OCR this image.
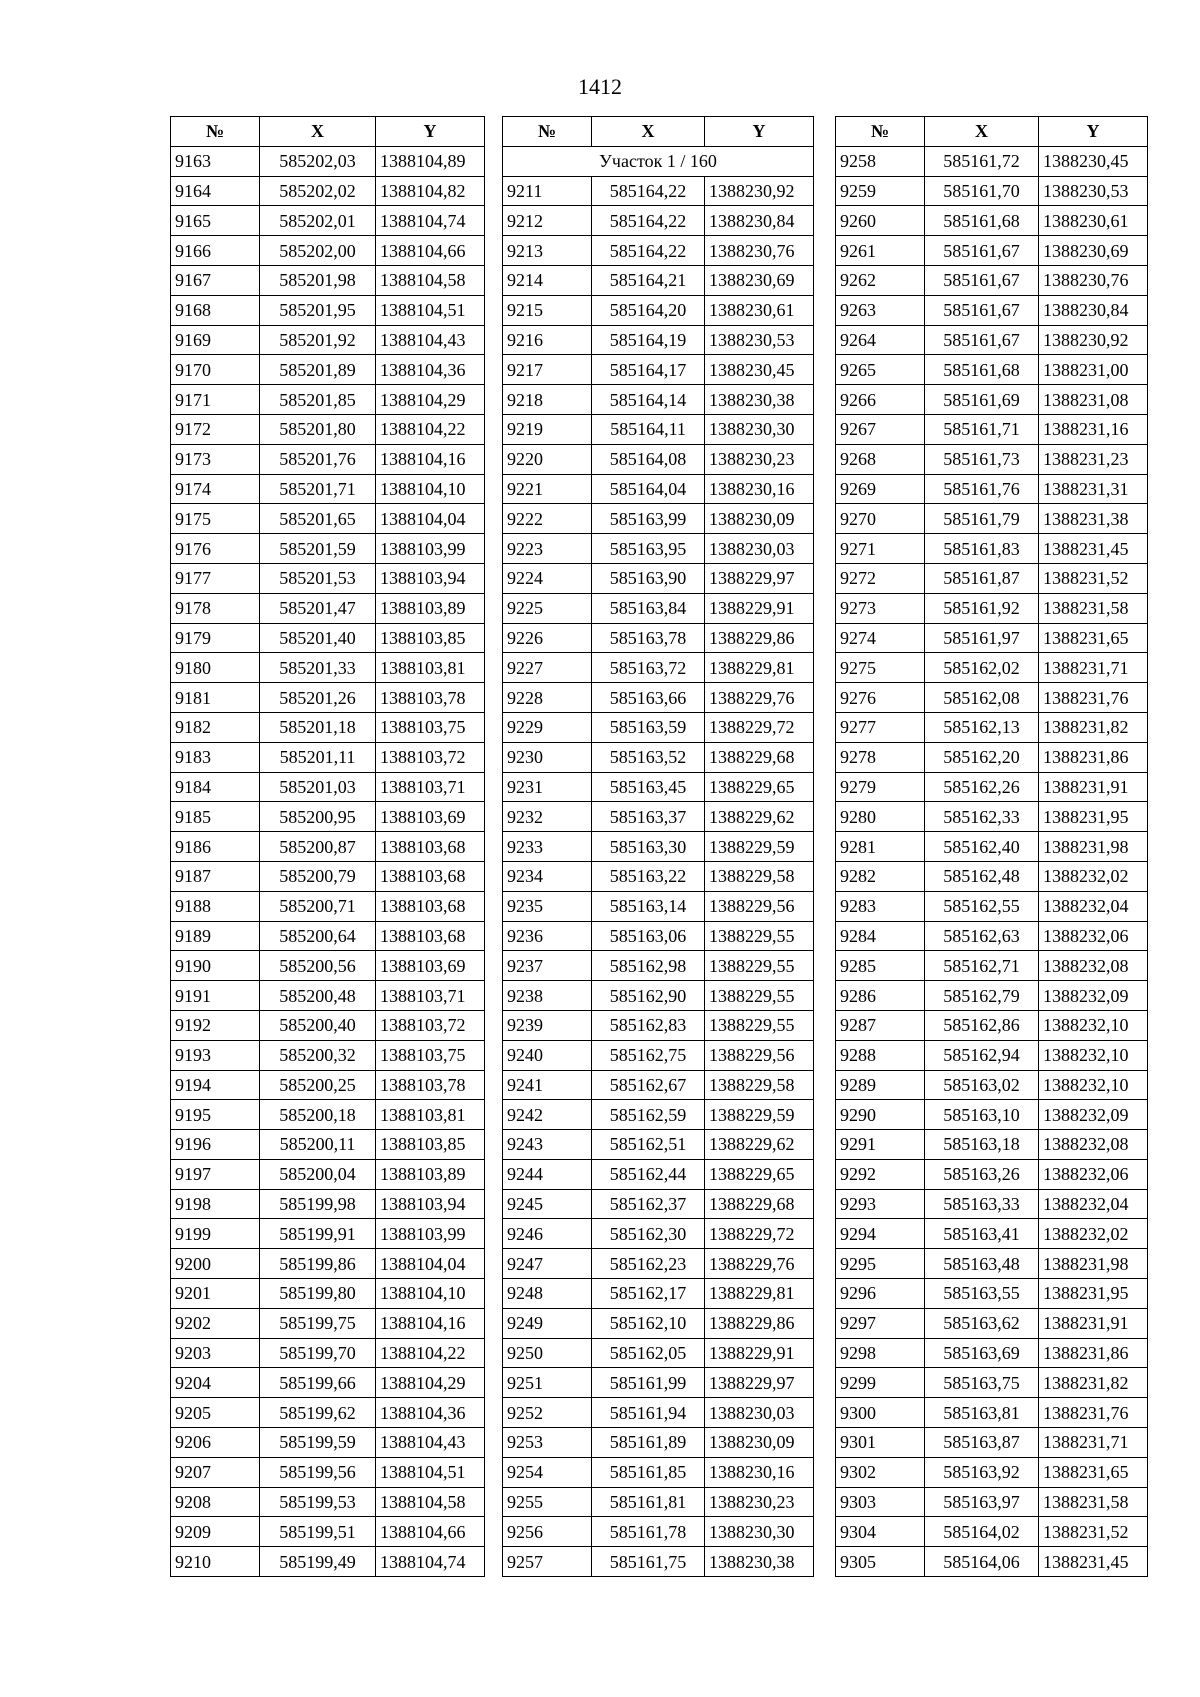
1412
№	X	Y
9163	585202,03	1388104,89
9164	585202,02	1388104,82
9165	585202,01	1388104,74
9166	585202,00	1388104,66
9167	585201,98	1388104,58
9168	585201,95	1388104,51
9169	585201,92	1388104,43
9170	585201,89	1388104,36
9171	585201,85	1388104,29
9172	585201,80	1388104,22
9173	585201,76	1388104,16
9174	585201,71	1388104,10
9175	585201,65	1388104,04
9176	585201,59	1388103,99
9177	585201,53	1388103,94
9178	585201,47	1388103,89
9179	585201,40	1388103,85
9180	585201,33	1388103,81
9181	585201,26	1388103,78
9182	585201,18	1388103,75
9183	585201,11	1388103,72
9184	585201,03	1388103,71
9185	585200,95	1388103,69
9186	585200,87	1388103,68
9187	585200,79	1388103,68
9188	585200,71	1388103,68
9189	585200,64	1388103,68
9190	585200,56	1388103,69
9191	585200,48	1388103,71
9192	585200,40	1388103,72
9193	585200,32	1388103,75
9194	585200,25	1388103,78
9195	585200,18	1388103,81
9196	585200,11	1388103,85
9197	585200,04	1388103,89
9198	585199,98	1388103,94
9199	585199,91	1388103,99
9200	585199,86	1388104,04
9201	585199,80	1388104,10
9202	585199,75	1388104,16
9203	585199,70	1388104,22
9204	585199,66	1388104,29
9205	585199,62	1388104,36
9206	585199,59	1388104,43
9207	585199,56	1388104,51
9208	585199,53	1388104,58
9209	585199,51	1388104,66
9210	585199,49	1388104,74
№	X	Y
Участок 1 / 160		
9211	585164,22	1388230,92
9212	585164,22	1388230,84
9213	585164,22	1388230,76
9214	585164,21	1388230,69
9215	585164,20	1388230,61
9216	585164,19	1388230,53
9217	585164,17	1388230,45
9218	585164,14	1388230,38
9219	585164,11	1388230,30
9220	585164,08	1388230,23
9221	585164,04	1388230,16
9222	585163,99	1388230,09
9223	585163,95	1388230,03
9224	585163,90	1388229,97
9225	585163,84	1388229,91
9226	585163,78	1388229,86
9227	585163,72	1388229,81
9228	585163,66	1388229,76
9229	585163,59	1388229,72
9230	585163,52	1388229,68
9231	585163,45	1388229,65
9232	585163,37	1388229,62
9233	585163,30	1388229,59
9234	585163,22	1388229,58
9235	585163,14	1388229,56
9236	585163,06	1388229,55
9237	585162,98	1388229,55
9238	585162,90	1388229,55
9239	585162,83	1388229,55
9240	585162,75	1388229,56
9241	585162,67	1388229,58
9242	585162,59	1388229,59
9243	585162,51	1388229,62
9244	585162,44	1388229,65
9245	585162,37	1388229,68
9246	585162,30	1388229,72
9247	585162,23	1388229,76
9248	585162,17	1388229,81
9249	585162,10	1388229,86
9250	585162,05	1388229,91
9251	585161,99	1388229,97
9252	585161,94	1388230,03
9253	585161,89	1388230,09
9254	585161,85	1388230,16
9255	585161,81	1388230,23
9256	585161,78	1388230,30
9257	585161,75	1388230,38
№	X	Y
9258	585161,72	1388230,45
9259	585161,70	1388230,53
9260	585161,68	1388230,61
9261	585161,67	1388230,69
9262	585161,67	1388230,76
9263	585161,67	1388230,84
9264	585161,67	1388230,92
9265	585161,68	1388231,00
9266	585161,69	1388231,08
9267	585161,71	1388231,16
9268	585161,73	1388231,23
9269	585161,76	1388231,31
9270	585161,79	1388231,38
9271	585161,83	1388231,45
9272	585161,87	1388231,52
9273	585161,92	1388231,58
9274	585161,97	1388231,65
9275	585162,02	1388231,71
9276	585162,08	1388231,76
9277	585162,13	1388231,82
9278	585162,20	1388231,86
9279	585162,26	1388231,91
9280	585162,33	1388231,95
9281	585162,40	1388231,98
9282	585162,48	1388232,02
9283	585162,55	1388232,04
9284	585162,63	1388232,06
9285	585162,71	1388232,08
9286	585162,79	1388232,09
9287	585162,86	1388232,10
9288	585162,94	1388232,10
9289	585163,02	1388232,10
9290	585163,10	1388232,09
9291	585163,18	1388232,08
9292	585163,26	1388232,06
9293	585163,33	1388232,04
9294	585163,41	1388232,02
9295	585163,48	1388231,98
9296	585163,55	1388231,95
9297	585163,62	1388231,91
9298	585163,69	1388231,86
9299	585163,75	1388231,82
9300	585163,81	1388231,76
9301	585163,87	1388231,71
9302	585163,92	1388231,65
9303	585163,97	1388231,58
9304	585164,02	1388231,52
9305	585164,06	1388231,45
